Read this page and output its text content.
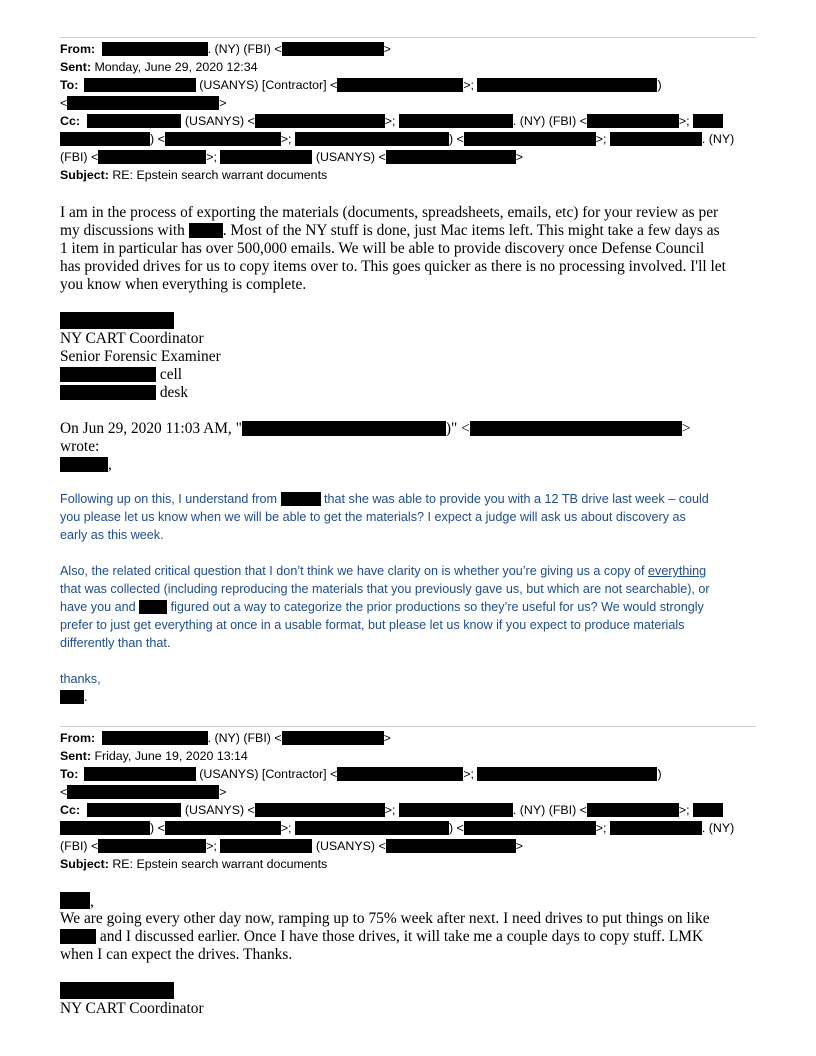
From:	. (NY) (FBI) <	>
Sent: Monday, June 29, 2020 12:34
To:	(USANYS) [Contractor] <	>;	)
<	>
Cc:	(USANYS) <	>;	. (NY) (FBI) <	>;
) <	>;	) <	>;	. (NY)
(FBI) <	>;	(USANYS) <	>
Subject: RE: Epstein search warrant documents
I am in the process of exporting the materials (documents, spreadsheets, emails, etc) for your review as per
my discussions with . Most of the NY stuff is done, just Mac items left. This might take a few days as
1 item in particular has over 500,000 emails. We will be able to provide discovery once Defense Council
has provided drives for us to copy items over to. This goes quicker as there is no processing involved. I'll let
you know when everything is complete.
NY CART Coordinator
Senior Forensic Examiner
cell
desk
On Jun 29, 2020 11:03 AM, "	)" <	>
wrote:
,
Following up on this, I understand from	that she was able to provide you with a 12 TB drive last week – could
you please let us know when we will be able to get the materials? I expect a judge will ask us about discovery as
early as this week.
Also, the related critical question that I don’t think we have clarity on is whether you’re giving us a copy of everything
that was collected (including reproducing the materials that you previously gave us, but which are not searchable), or
have you and	figured out a way to categorize the prior productions so they’re useful for us? We would strongly
prefer to just get everything at once in a usable format, but please let us know if you expect to produce materials
differently than that.
thanks,
.
From:	. (NY) (FBI) <	>
Sent: Friday, June 19, 2020 13:14
To:	(USANYS) [Contractor] <	>;	)
<	>
Cc:	(USANYS) <	>;	. (NY) (FBI) <	>;
) <	>;	) <	>;	. (NY)
(FBI) <	>;	(USANYS) <	>
Subject: RE: Epstein search warrant documents
,
We are going every other day now, ramping up to 75% week after next. I need drives to put things on like
and I discussed earlier. Once I have those drives, it will take me a couple days to copy stuff. LMK
when I can expect the drives. Thanks.
NY CART Coordinator
